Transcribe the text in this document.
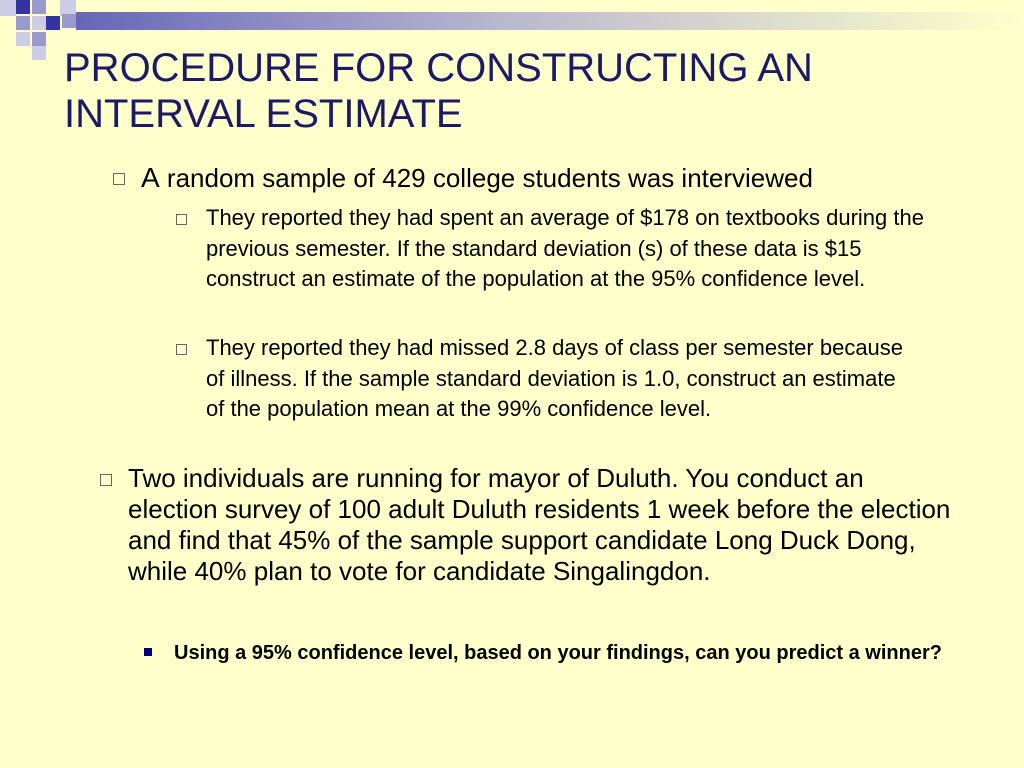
PROCEDURE FOR CONSTRUCTING AN
INTERVAL ESTIMATE
A random sample of 429 college students was interviewed
They reported they had spent an average of $178 on textbooks during the previous semester. If the standard deviation (s) of these data is $15 construct an estimate of the population at the 95% confidence level.
They reported they had missed 2.8 days of class per semester because of illness. If the sample standard deviation is 1.0, construct an estimate of the population mean at the 99% confidence level.
Two individuals are running for mayor of Duluth. You conduct an election survey of 100 adult Duluth residents 1 week before the election and find that 45% of the sample support candidate Long Duck Dong, while 40% plan to vote for candidate Singalingdon.
Using a 95% confidence level, based on your findings, can you predict a winner?
